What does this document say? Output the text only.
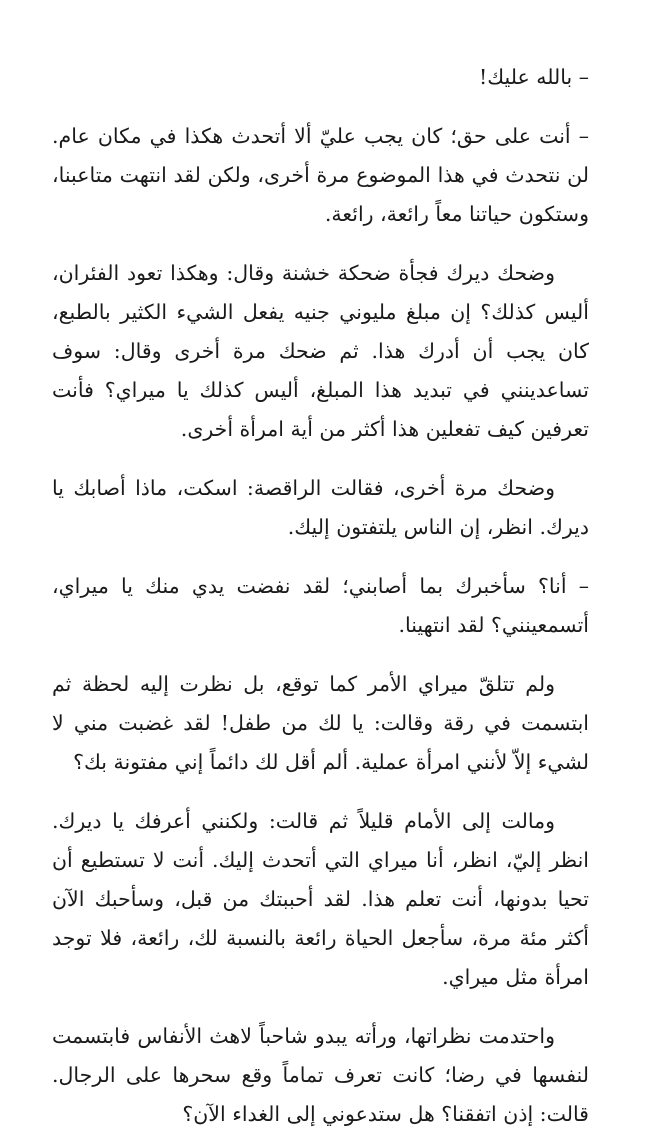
– بالله عليك!

– أنت على حق؛ كان يجب عليّ ألا أتحدث هكذا في مكان عام. لن نتحدث في هذا الموضوع مرة أخرى، ولكن لقد انتهت متاعبنا، وستكون حياتنا معاً رائعة، رائعة.

وضحك ديرك فجأة ضحكة خشنة وقال: وهكذا تعود الفئران، أليس كذلك؟ إن مبلغ مليوني جنيه يفعل الشيء الكثير بالطبع، كان يجب أن أدرك هذا. ثم ضحك مرة أخرى وقال: سوف تساعدينني في تبديد هذا المبلغ، أليس كذلك يا ميراي؟ فأنت تعرفين كيف تفعلين هذا أكثر من أية امرأة أخرى.

وضحك مرة أخرى، فقالت الراقصة: اسكت، ماذا أصابك يا ديرك. انظر، إن الناس يلتفتون إليك.

– أنا؟ سأخبرك بما أصابني؛ لقد نفضت يدي منك يا ميراي، أتسمعينني؟ لقد انتهينا.

ولم تتلقّ ميراي الأمر كما توقع، بل نظرت إليه لحظة ثم ابتسمت في رقة وقالت: يا لك من طفل! لقد غضبت مني لا لشيء إلاّ لأنني امرأة عملية. ألم أقل لك دائماً إني مفتونة بك؟

ومالت إلى الأمام قليلاً ثم قالت: ولكنني أعرفك يا ديرك. انظر إليّ، انظر، أنا ميراي التي أتحدث إليك. أنت لا تستطيع أن تحيا بدونها، أنت تعلم هذا. لقد أحببتك من قبل، وسأحبك الآن أكثر مئة مرة، سأجعل الحياة رائعة بالنسبة لك، رائعة، فلا توجد امرأة مثل ميراي.

واحتدمت نظراتها، ورأته يبدو شاحباً لاهث الأنفاس فابتسمت لنفسها في رضا؛ كانت تعرف تماماً وقع سحرها على الرجال. قالت: إذن اتفقنا؟ هل ستدعوني إلى الغداء الآن؟
